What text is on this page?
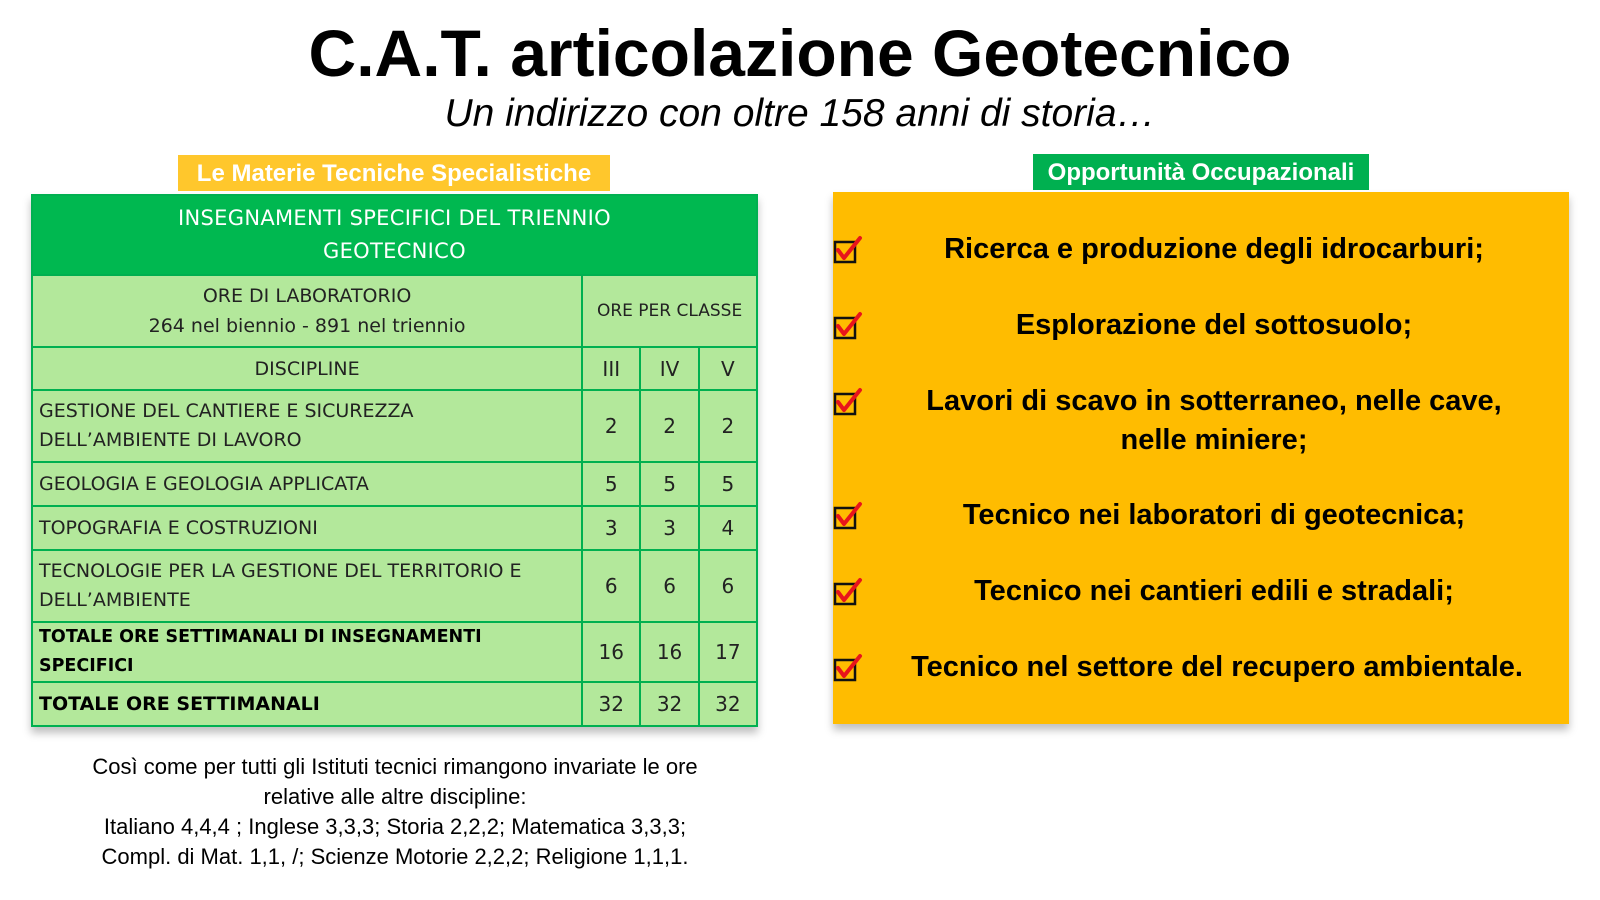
C.A.T. articolazione Geotecnico
Un indirizzo con oltre 158 anni di storia…
Le Materie Tecniche Specialistiche	Opportunità Occupazionali
INSEGNAMENTI SPECIFICI DEL TRIENNIO
GEOTECNICO			

ORE DI LABORATORIO
264 nel biennio - 891 nel triennio	ORE PER CLASSE		
DISCIPLINE	III	IV	V

GESTIONE DEL CANTIERE E SICUREZZA
DELL’AMBIENTE DI LAVORO	2	2	2
GEOLOGIA E GEOLOGIA APPLICATA	5	5	5
TOPOGRAFIA E COSTRUZIONI	3	3	4

TECNOLOGIE PER LA GESTIONE DEL TERRITORIO E
DELL’AMBIENTE	6	6	6
TOTALE ORE SETTIMANALI DI INSEGNAMENTI SPECIFICI	16	16	17
TOTALE ORE SETTIMANALI	32	32	32
Così come per tutti gli Istituti tecnici rimangono invariate le ore
relative alle altre discipline:
Italiano 4,4,4 ; Inglese 3,3,3; Storia 2,2,2; Matematica 3,3,3;
Compl. di Mat. 1,1, /; Scienze Motorie 2,2,2; Religione 1,1,1.
Ricerca e produzione degli idrocarburi;
Esplorazione del sottosuolo;
Lavori di scavo in sotterraneo, nelle cave,
nelle miniere;
Tecnico nei laboratori di geotecnica;
Tecnico nei cantieri edili e stradali;
Tecnico nel settore del recupero ambientale.
